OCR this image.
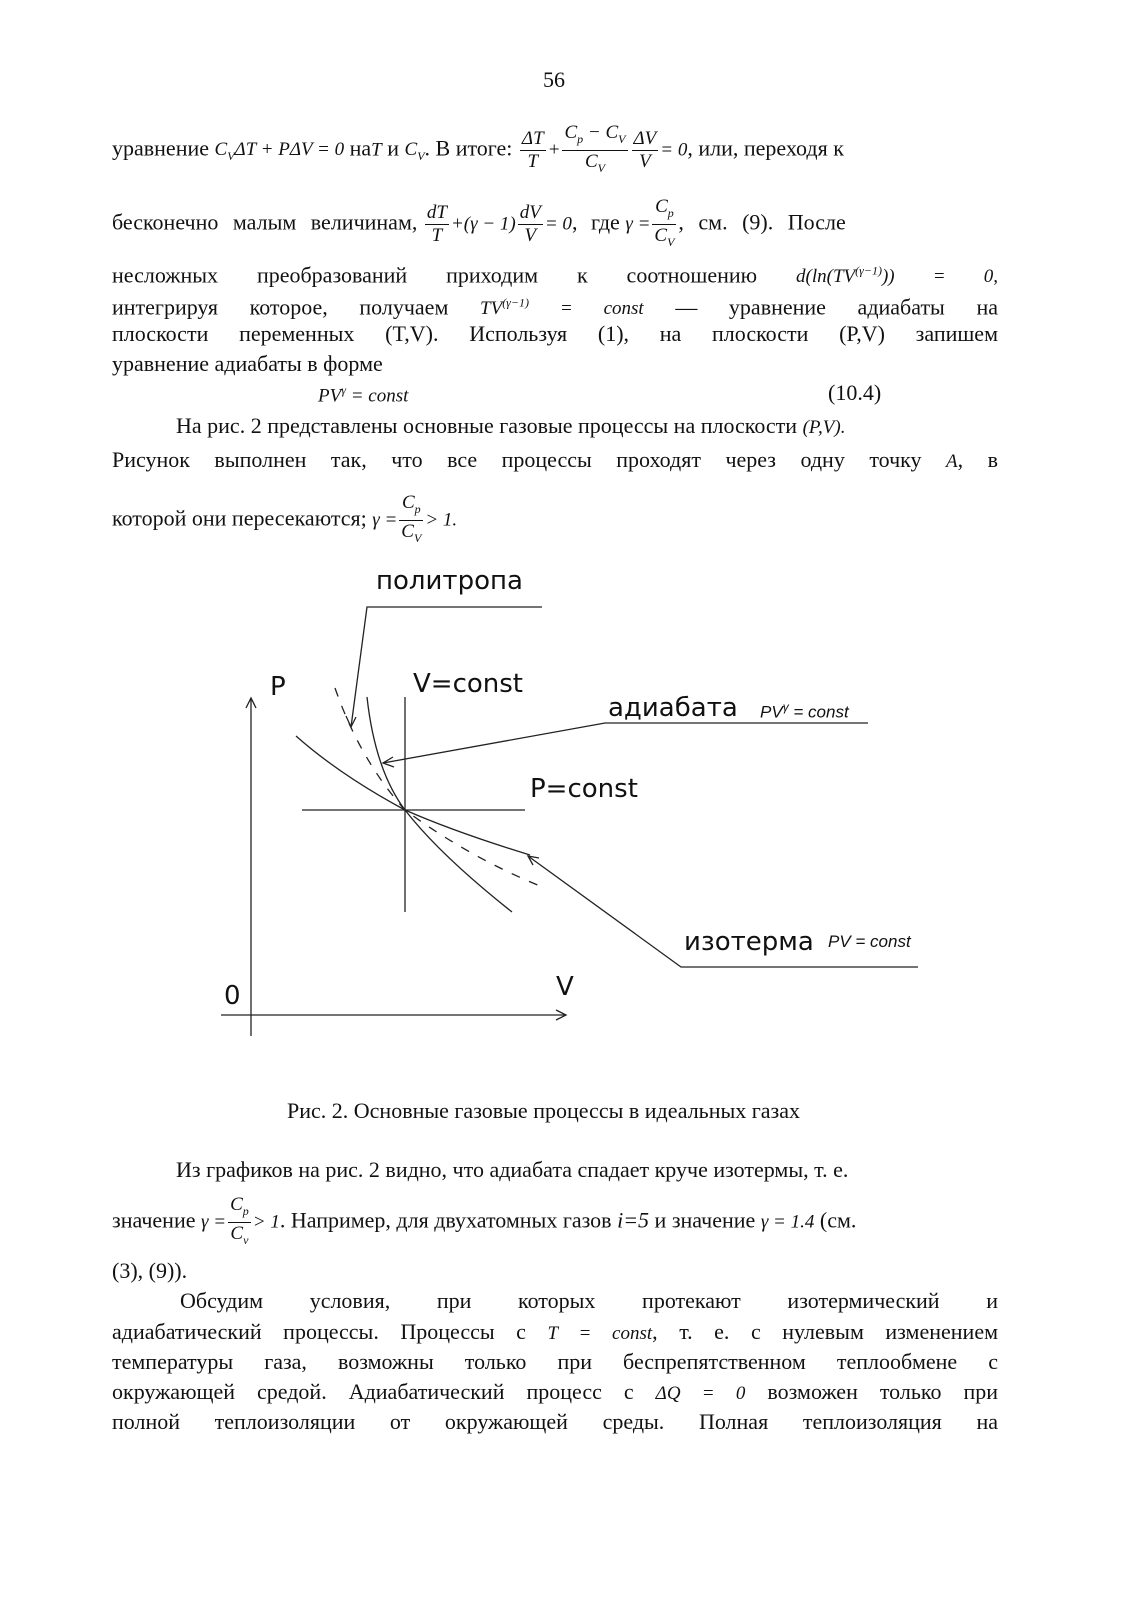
56
уравнение $C_V\Delta T + P\Delta V = 0$ наT и $C_V$. В итоге: $\frac{\Delta T}{T} + \frac{C_p - C_V}{C_V} \frac{\Delta V}{V} = 0$, или, переходя к
бесконечно малым величинам, $\frac{dT}{T} +(\gamma - 1) \frac{dV}{V} = 0$, где $\gamma = \frac{C_p}{C_V}$ , см. (9). После
несложных преобразований приходим к соотношению $d(\ln(TV^{(\gamma-1)})) = 0$,
интегрируя которое, получаем $TV^{(\gamma-1)}$ = const — уравнение адиабаты на
плоскости переменных (T,V). Используя (1), на плоскости (P,V) запишем
уравнение адиабаты в форме
$PV^\gamma$ = const	(10.4)
На рис. 2 представлены основные газовые процессы на плоскости (P,V).
Рисунок выполнен так, что все процессы проходят через одну точку A, в
которой они пересекаются; $\gamma = \frac{C_p}{C_V} > 1$.
политропа
P	V=const
адиабата $PV^\gamma$ = const
P=const
изотерма PV = const
0	V
Рис. 2. Основные газовые процессы в идеальных газах
Из графиков на рис. 2 видно, что адиабата спадает круче изотермы, т. е.
значение $\gamma = \frac{C_p}{C_v} > 1$. Например, для двухатомных газов i=5 и значение γ = 1.4 (см.
(3), (9)).
Обсудим условия, при которых протекают изотермический и
адиабатический процессы. Процессы с T = const, т. е. с нулевым изменением
температуры газа, возможны только при беспрепятственном теплообмене с
окружающей средой. Адиабатический процесс с ΔQ = 0 возможен только при
полной теплоизоляции от окружающей среды. Полная теплоизоляция на
